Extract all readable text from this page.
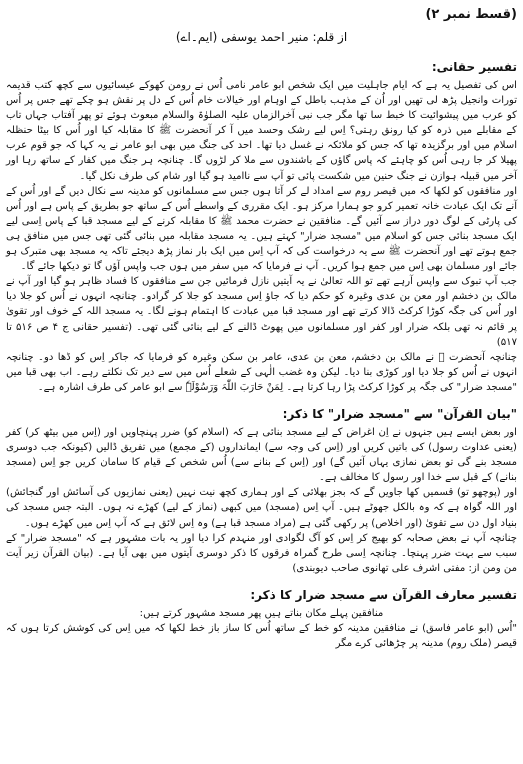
(قسط نمبر ۲)

از قلم: منیر احمد یوسفی (ایم۔اے)

تفسیر حقانی:

اس کی تفصیل یہ ہے کہ ایام جاہلیت میں ایک شخص ابو عامر نامی اُس نے رومن کھوکے عیسائیوں سے کچھ کتب قدیمہ تورات وانجیل پڑھ لی تھیں اور اُن کے مذہب باطل کے اوہام اور خیالات خام اُس کے دل پر نقش ہو چکے تھے جس پر اُس کو عرب میں پیشوائیت کا خبط سا تھا مگر جب نبی آخرالزماں علیہ الصلوٰۃ والسلام مبعوث ہوئے تو پھر آفتاب جہاں تاب کے مقابلے میں ذرہ کو کیا رونق رہتی؟ اِس لیے رشک وحسد میں آ کر آنحضرت ﷺ کا مقابلہ کیا اور اُس کا بیٹا حنظلہ اسلام میں اور برگزیدہ تھا کہ جس کو ملائکہ نے غسل دیا تھا۔ احد کی جنگ میں بھی ابو عامر نے یہ کہا کہ جو قوم عرب پھیلا کر جا رہی اُس کو چاہئے کہ پاس گاؤں کے باشندوں سے ملا کر لڑوں گا۔ چنانچہ ہر جنگ میں کفار کے ساتھ رہا اور آخر میں قبیلہ ہوازن نے جنگ حنین میں شکست پائی تو آپ سے ناامید ہو گیا اور شام کی طرف نکل گیا۔

اور منافقوں کو لکھا کہ میں قیصر روم سے امداد لے کر آتا ہوں جس سے مسلمانوں کو مدینہ سے نکال دیں گے اور اُس کے آنے تک ایک عبادت خانہ تعمیر کرو جو ہمارا مرکز ہو۔ ایک مقرری کے واسطے اُس کے ساتھ جو بطریق کے پاس ہے اور اُس کی پارٹی کے لوگ دور دراز سے آئیں گے۔ منافقین نے حضرت محمد ﷺ کا مقابلہ کرنے کے لیے مسجد قبا کے پاس اِسی لیے ایک مسجد بنائی جس کو اسلام میں "مسجد ضرار" کہتے ہیں۔ یہ مسجد مقابلہ میں بنائی گئی تھی جس میں منافق ہی جمع ہوتے تھے اور آنحضرت ﷺ سے یہ درخواست کی کہ آپ اِس میں ایک بار نماز پڑھ دیجئے تاکہ یہ مسجد بھی متبرک ہو جائے اور مسلمان بھی اِس میں جمع ہوا کریں۔ آپ نے فرمایا کہ میں سفر میں ہوں جب واپس آؤں گا تو دیکھا جائے گا۔

جب آپ تبوک سے واپس آرہے تھے تو اللہ تعالیٰ نے یہ آیتیں نازل فرمائیں جن سے منافقوں کا فساد ظاہر ہو گیا اور آپ نے مالک بن دخشم اور معن بن عدی وغیرہ کو حکم دیا کہ جاؤ اِس مسجد کو جلا کر گرادو۔ چنانچہ انہوں نے اُس کو جلا دیا اور اُس کی جگہ کوڑا کرکٹ ڈالا کرتے تھے اور مسجد قبا میں عبادت کا اہتمام ہونے لگا۔ یہ مسجد اللہ کے خوف اور تقویٰ پر قائم نہ تھی بلکہ ضرار اور کفر اور مسلمانوں میں پھوٹ ڈالنے کے لیے بنائی گئی تھی۔ (تفسیر حقانی ج ۴ ص ۵۱۶ تا ۵۱۷)

چنانچہ آنحضرت ﷺ نے مالک بن دخشم، معن بن عدی، عامر بن سکن وغیرہ کو فرمایا کہ جاکر اِس کو ڈھا دو۔ چنانچہ انہوں نے اُس کو جلا دیا اور کوڑی بنا دیا۔ لیکن وہ غضب الٰہی کے شعلے اُس میں سے دیر تک نکلتے رہے۔ اب بھی قبا میں "مسجد ضرار" کی جگہ پر کوڑا کرکٹ پڑا رہا کرتا ہے۔ لِمَنْ حَارَبَ اللّٰہَ وَرَسُوْلَہٗ سے ابو عامر کی طرف اشارہ ہے۔

"بیان القرآن" سے "مسجد ضرار" کا ذکر:

اور بعض ایسے ہیں جنہوں نے اِن اغراض کے لیے مسجد بنائی ہے کہ (اسلام کو) ضرر پہنچاویں اور (اِس میں بیٹھ کر) کفر (یعنی عداوت رسول) کی باتیں کریں اور (اِس کی وجہ سے) ایمانداروں (کے مجمع) میں تفریق ڈالیں (کیونکہ جب دوسری مسجد بنے گی تو بعض نمازی یہاں آئیں گے) اور (اِس کے بنانے سے) اُس شخص کے قیام کا سامان کریں جو اِس (مسجد بنانے) کے قبل سے خدا اور رسول کا مخالف ہے۔

اور (پوچھو تو) قسمیں کھا جاویں گے کہ بجز بھلائی کے اور ہماری کچھ نیت نہیں (یعنی نمازیوں کی آسائش اور گنجائش) اور اللہ گواہ ہے کہ وہ بالکل جھوٹے ہیں۔ آپ اِس (مسجد) میں کبھی (نماز کے لیے) کھڑے نہ ہوں۔ البتہ جس مسجد کی بنیاد اول دن سے تقویٰ (اور اخلاص) پر رکھی گئی ہے (مراد مسجد قبا ہے) وہ اِس لائق ہے کہ آپ اِس میں کھڑے ہوں۔

چنانچہ آپ نے بعض صحابہ کو بھیج کر اِس کو آگ لگوادی اور منہدم کرا دیا اور یہ بات مشہور ہے کہ "مسجد ضرار" کے سبب سے بہت ضرر پہنچا۔ چنانچہ اِسی طرح گمراہ فرقوں کا ذکر دوسری آیتوں میں بھی آیا ہے۔ (بیان القرآن زیر آیت من ومن از: مفتی اشرف علی تھانوی صاحب دیوبندی)

تفسیر معارف القرآن سے مسجد ضرار کا ذکر:

منافقین پہلے مکان بناتے ہیں پھر مسجد مشہور کرتے ہیں:

"اُس (ابو عامر فاسق) نے منافقین مدینہ کو خط کے ساتھ اُس کا ساز باز خط لکھا کہ میں اِس کی کوشش کرتا ہوں کہ قیصر (ملک روم) مدینہ پر چڑھائی کرے مگر
